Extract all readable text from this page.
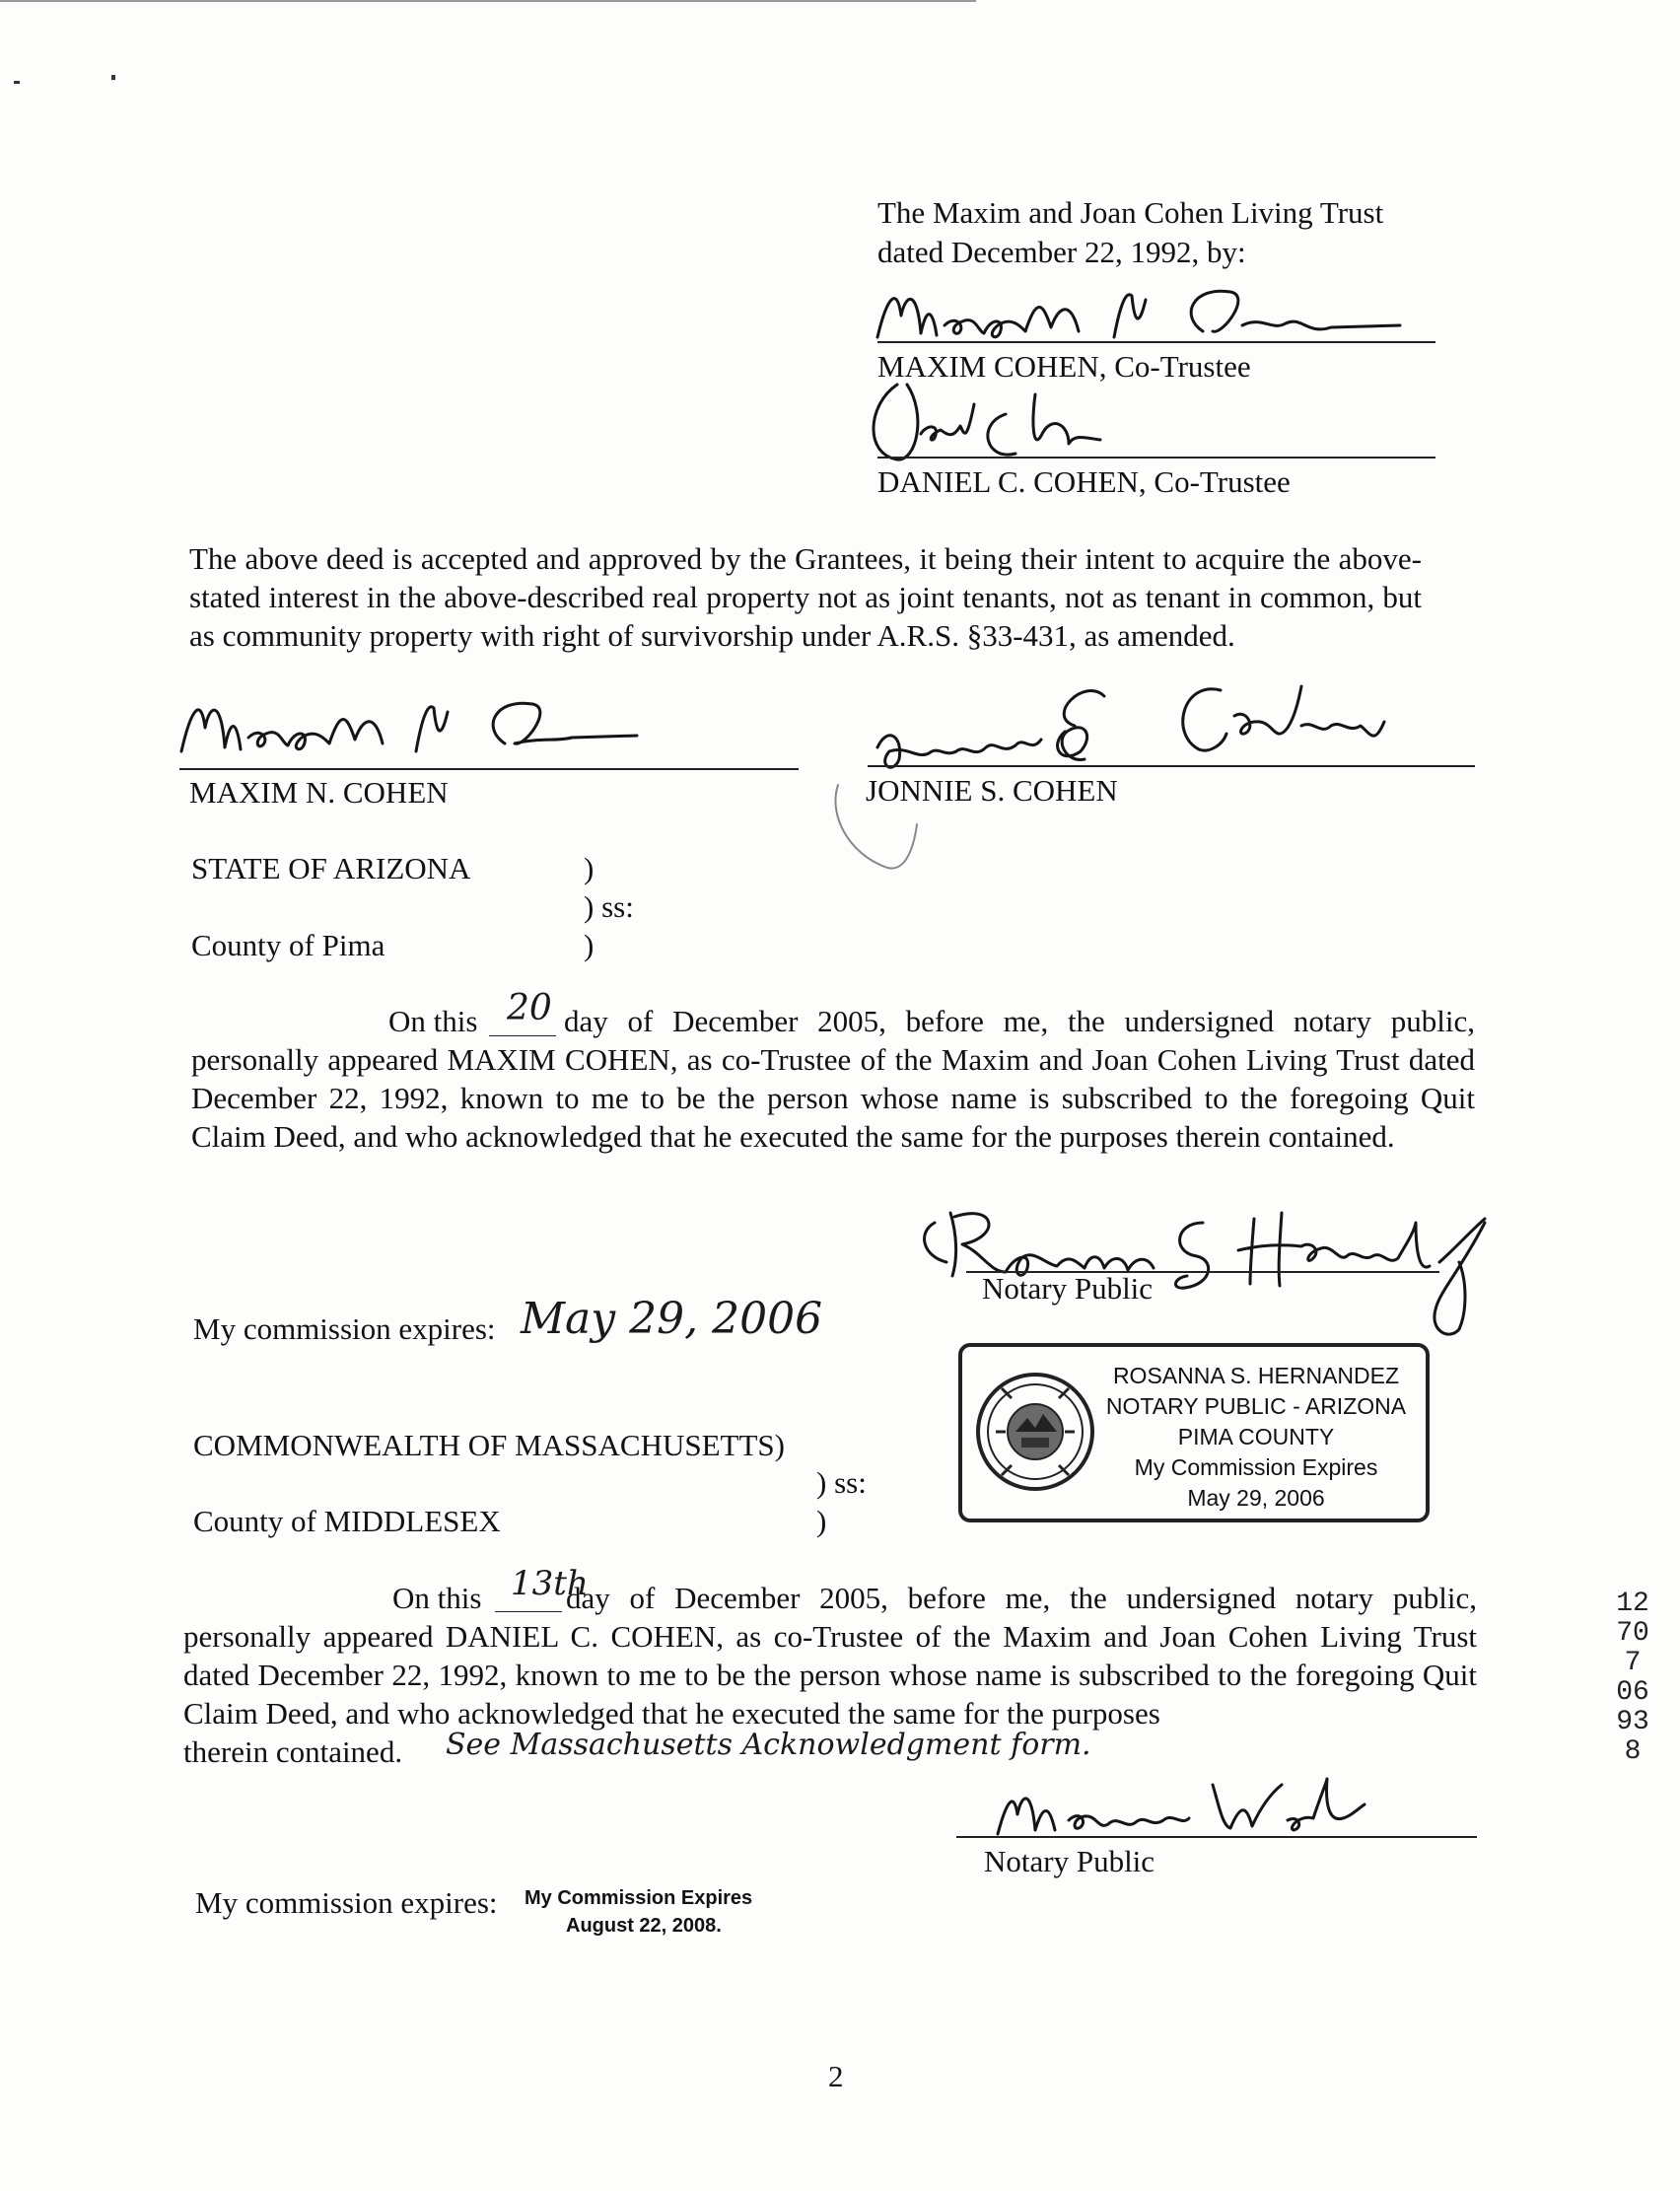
The Maxim and Joan Cohen Living Trust
dated December 22, 1992, by:
MAXIM COHEN, Co-Trustee
DANIEL C. COHEN, Co-Trustee
The above deed is accepted and approved by the Grantees, it being their intent to acquire the above-stated interest in the above-described real property not as joint tenants, not as tenant in common, but as community property with right of survivorship under A.R.S. §33-431, as amended.
MAXIM N. COHEN	JONNIE S. COHEN
STATE OF ARIZONA	)
) ss:
County of Pima	)
On this 20 day of December 2005, before me, the undersigned notary public, personally appeared MAXIM COHEN, as co-Trustee of the Maxim and Joan Cohen Living Trust dated December 22, 1992, known to me to be the person whose name is subscribed to the foregoing Quit Claim Deed, and who acknowledged that he executed the same for the purposes therein contained.
Notary Public
My commission expires: May 29, 2006
ROSANNA S. HERNANDEZ
NOTARY PUBLIC - ARIZONA
PIMA COUNTY
My Commission Expires
May 29, 2006
COMMONWEALTH OF MASSACHUSETTS)
) ss:
County of MIDDLESEX	)
On this 13th
day of December 2005, before me, the undersigned notary public, personally appeared DANIEL C. COHEN, as co-Trustee of the Maxim and Joan Cohen Living Trust dated December 22, 1992, known to me to be the person whose name is subscribed to the foregoing Quit Claim Deed, and who acknowledged that he executed the same for the purposes
therein contained. See Massachusetts Acknowledgment form.
Notary Public
My commission expires: My Commission Expires
August 22, 2008.
2
12707 06938
